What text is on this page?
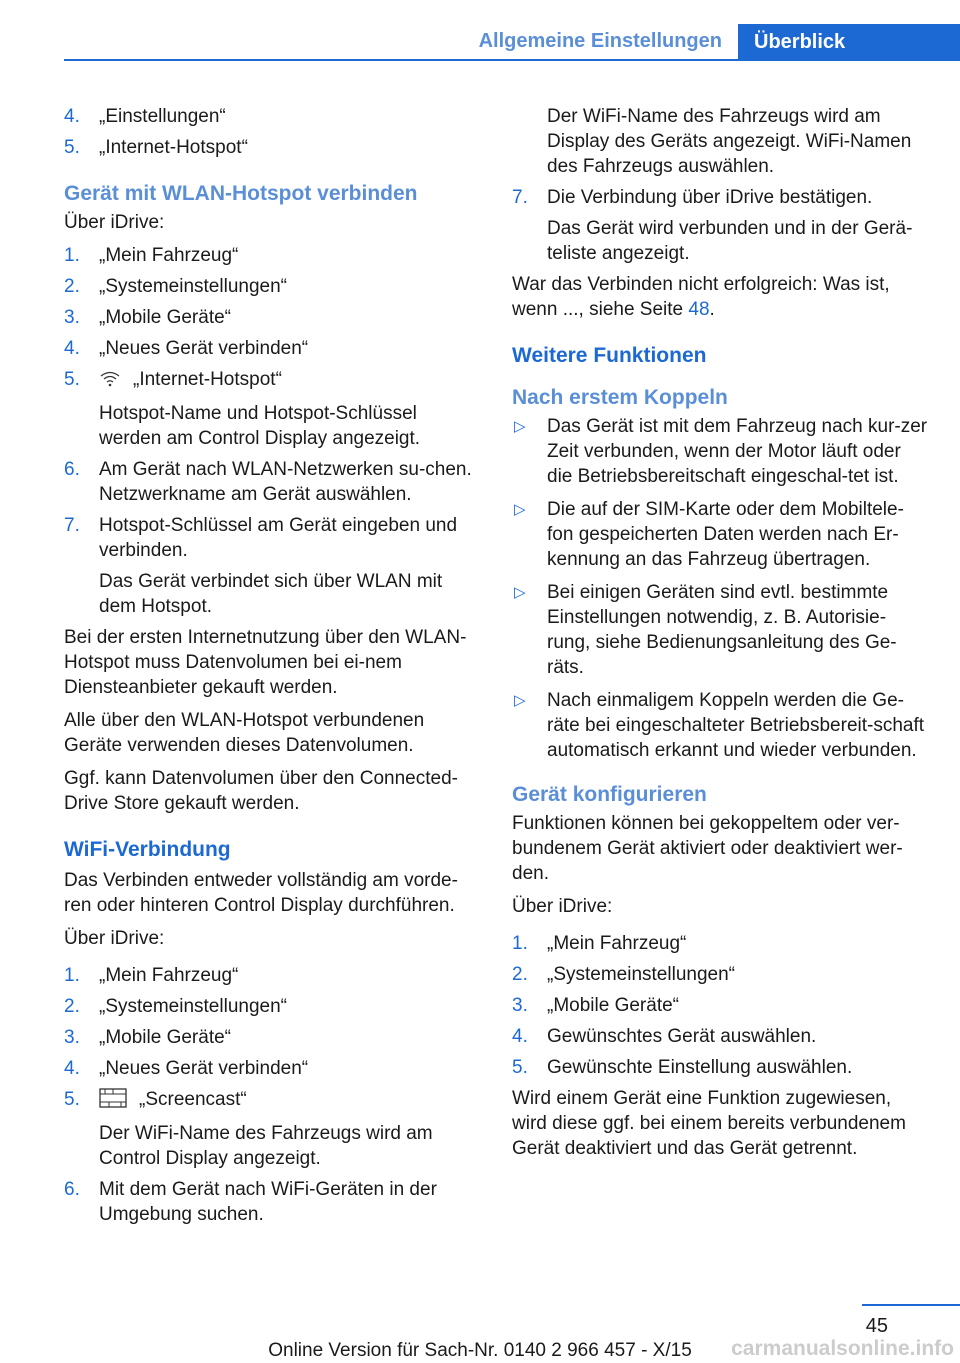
Allgemeine Einstellungen	Überblick
4. „Einstellungen“
5. „Internet-Hotspot“
Gerät mit WLAN-Hotspot verbinden
Über iDrive:
1. „Mein Fahrzeug“
2. „Systemeinstellungen“
3. „Mobile Geräte“
4. „Neues Gerät verbinden“
5.	„Internet-Hotspot“
Hotspot-Name und Hotspot-Schlüssel werden am Control Display angezeigt.
6. Am Gerät nach WLAN-Netzwerken su-chen. Netzwerkname am Gerät auswählen.
7. Hotspot-Schlüssel am Gerät eingeben und verbinden.
Das Gerät verbindet sich über WLAN mit dem Hotspot.
Bei der ersten Internetnutzung über den WLAN-Hotspot muss Datenvolumen bei ei-nem Diensteanbieter gekauft werden.
Alle über den WLAN-Hotspot verbundenen Geräte verwenden dieses Datenvolumen.
Ggf. kann Datenvolumen über den Connected-Drive Store gekauft werden.
WiFi-Verbindung
Das Verbinden entweder vollständig am vorde-ren oder hinteren Control Display durchführen.
Über iDrive:
1. „Mein Fahrzeug“
2. „Systemeinstellungen“
3. „Mobile Geräte“
4. „Neues Gerät verbinden“
5.	„Screencast“
Der WiFi-Name des Fahrzeugs wird am Control Display angezeigt.
6. Mit dem Gerät nach WiFi-Geräten in der Umgebung suchen.
Der WiFi-Name des Fahrzeugs wird am Display des Geräts angezeigt. WiFi-Namen des Fahrzeugs auswählen.
7. Die Verbindung über iDrive bestätigen.
Das Gerät wird verbunden und in der Gerä-teliste angezeigt.
War das Verbinden nicht erfolgreich: Was ist, wenn ..., siehe Seite 48.
Weitere Funktionen
Nach erstem Koppeln
▷ Das Gerät ist mit dem Fahrzeug nach kur-zer Zeit verbunden, wenn der Motor läuft oder die Betriebsbereitschaft eingeschal-tet ist.
▷ Die auf der SIM-Karte oder dem Mobiltele-fon gespeicherten Daten werden nach Er-kennung an das Fahrzeug übertragen.
▷ Bei einigen Geräten sind evtl. bestimmte Einstellungen notwendig, z. B. Autorisie-rung, siehe Bedienungsanleitung des Ge-räts.
▷ Nach einmaligem Koppeln werden die Ge-räte bei eingeschalteter Betriebsbereit-schaft automatisch erkannt und wieder verbunden.
Gerät konfigurieren
Funktionen können bei gekoppeltem oder ver-bundenem Gerät aktiviert oder deaktiviert wer-den.
Über iDrive:
1. „Mein Fahrzeug“
2. „Systemeinstellungen“
3. „Mobile Geräte“
4. Gewünschtes Gerät auswählen.
5. Gewünschte Einstellung auswählen.
Wird einem Gerät eine Funktion zugewiesen, wird diese ggf. bei einem bereits verbundenem Gerät deaktiviert und das Gerät getrennt.
45
Online Version für Sach-Nr. 0140 2 966 457 - X/15	carmanualsonline.info
